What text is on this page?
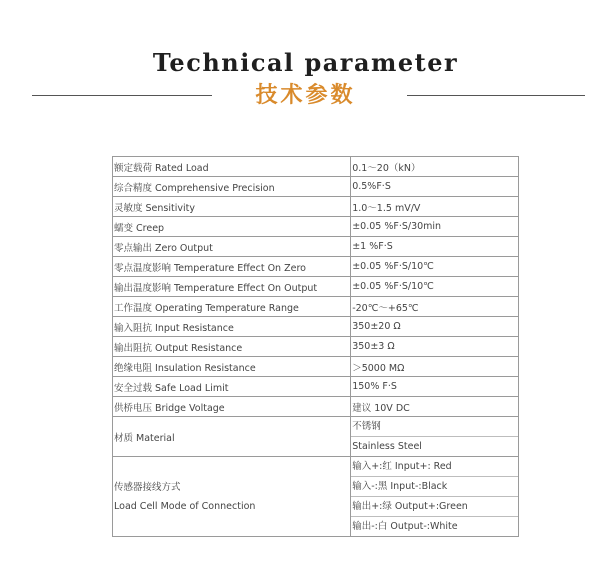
Technical parameter
技术参数
额定载荷 Rated Load	0.1～20（kN）
综合精度 Comprehensive Precision	0.5%F·S
灵敏度 Sensitivity	1.0～1.5 mV/V
蠕变 Creep	±0.05 %F·S/30min
零点输出 Zero Output	±1 %F·S
零点温度影响 Temperature Effect On Zero	±0.05 %F·S/10℃
输出温度影响 Temperature Effect On Output	±0.05 %F·S/10℃
工作温度 Operating Temperature Range	-20℃～+65℃
输入阻抗 Input Resistance	350±20 Ω
输出阻抗 Output Resistance	350±3 Ω
绝缘电阻 Insulation Resistance	＞5000 MΩ
安全过载 Safe Load Limit	150% F·S
供桥电压 Bridge Voltage	建议 10V DC
材质 Material	不锈钢
Stainless Steel

传感器接线方式
Load Cell Mode of Connection	输入+:红 Input+: Red
输入-:黑 Input-:Black
输出+:绿 Output+:Green
输出-:白 Output-:White
